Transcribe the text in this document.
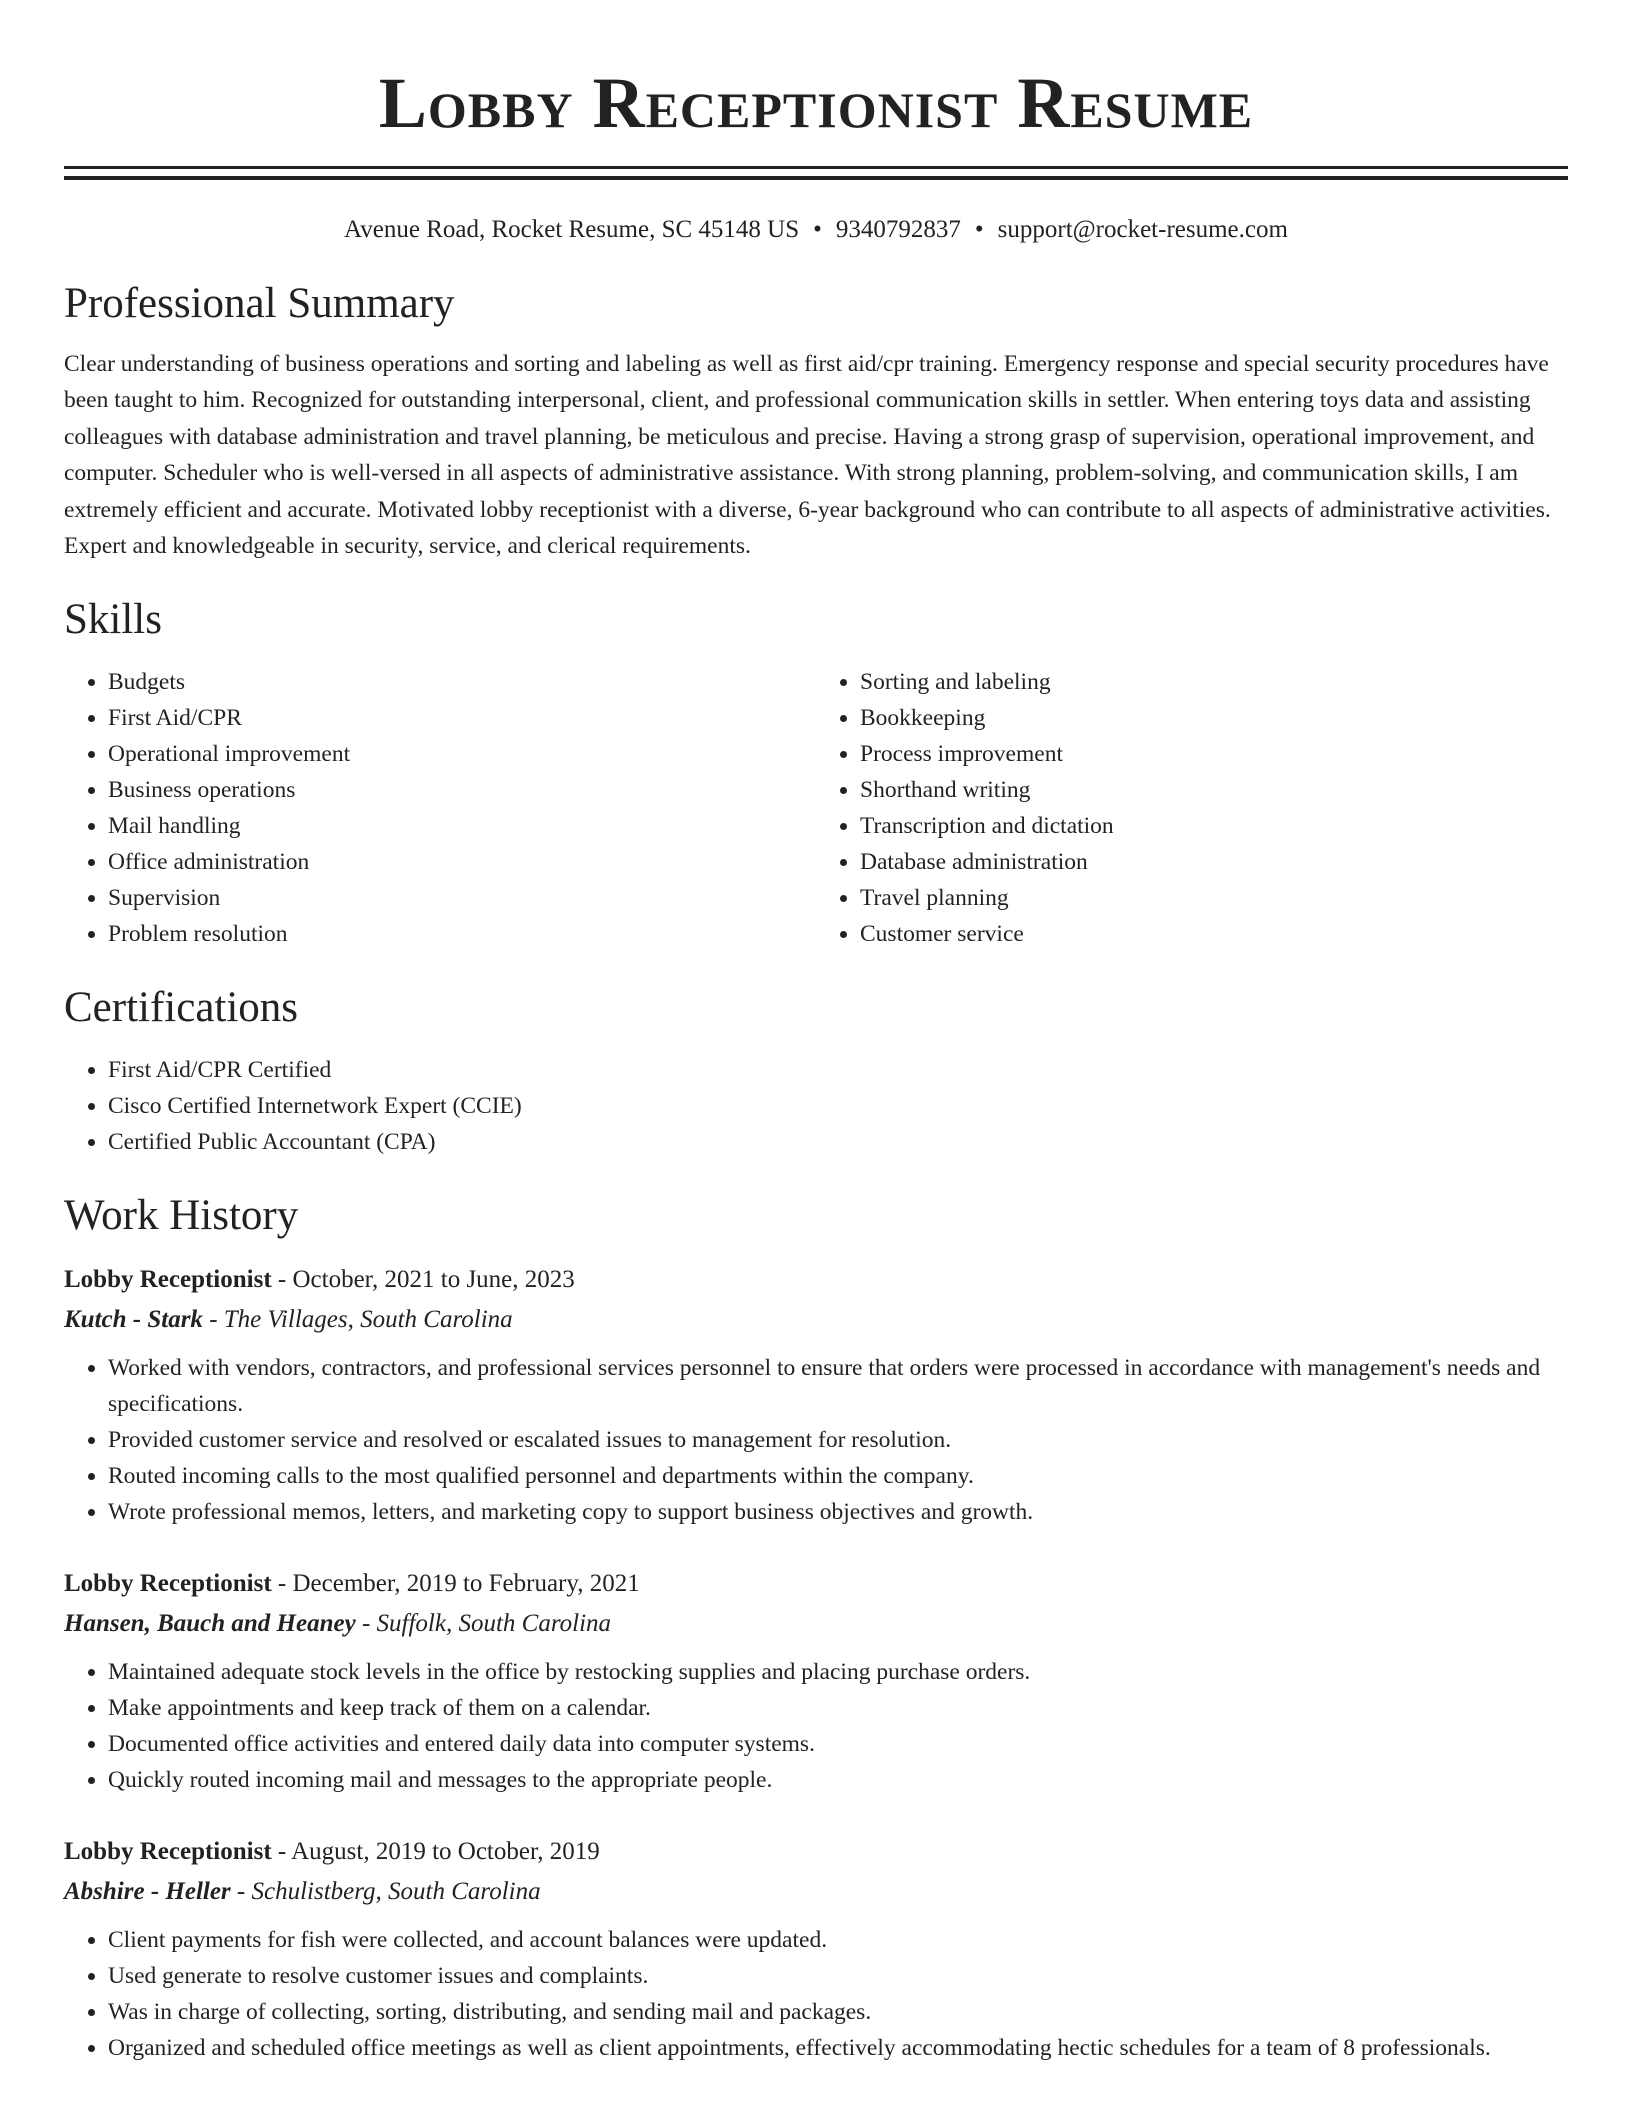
Lobby Receptionist Resume
Avenue Road, Rocket Resume, SC 45148 US • 9340792837 • support@rocket-resume.com
Professional Summary

Clear understanding of business operations and sorting and labeling as well as first aid/cpr training. Emergency response and special security procedures have been taught to him. Recognized for outstanding interpersonal, client, and professional communication skills in settler. When entering toys data and assisting colleagues with database administration and travel planning, be meticulous and precise. Having a strong grasp of supervision, operational improvement, and computer. Scheduler who is well-versed in all aspects of administrative assistance. With strong planning, problem-solving, and communication skills, I am extremely efficient and accurate. Motivated lobby receptionist with a diverse, 6-year background who can contribute to all aspects of administrative activities. Expert and knowledgeable in security, service, and clerical requirements.

Skills
• Budgets
• First Aid/CPR
• Operational improvement
• Business operations
• Mail handling
• Office administration
• Supervision
• Problem resolution
• Sorting and labeling
• Bookkeeping
• Process improvement
• Shorthand writing
• Transcription and dictation
• Database administration
• Travel planning
• Customer service
Certifications
• First Aid/CPR Certified
• Cisco Certified Internetwork Expert (CCIE)
• Certified Public Accountant (CPA)
Work History
Lobby Receptionist - October, 2021 to June, 2023
Kutch - Stark - The Villages, South Carolina
• Worked with vendors, contractors, and professional services personnel to ensure that orders were processed in accordance with management's needs and specifications.
• Provided customer service and resolved or escalated issues to management for resolution.
• Routed incoming calls to the most qualified personnel and departments within the company.
• Wrote professional memos, letters, and marketing copy to support business objectives and growth.
Lobby Receptionist - December, 2019 to February, 2021
Hansen, Bauch and Heaney - Suffolk, South Carolina
• Maintained adequate stock levels in the office by restocking supplies and placing purchase orders.
• Make appointments and keep track of them on a calendar.
• Documented office activities and entered daily data into computer systems.
• Quickly routed incoming mail and messages to the appropriate people.
Lobby Receptionist - August, 2019 to October, 2019
Abshire - Heller - Schulistberg, South Carolina
• Client payments for fish were collected, and account balances were updated.
• Used generate to resolve customer issues and complaints.
• Was in charge of collecting, sorting, distributing, and sending mail and packages.
• Organized and scheduled office meetings as well as client appointments, effectively accommodating hectic schedules for a team of 8 professionals.
